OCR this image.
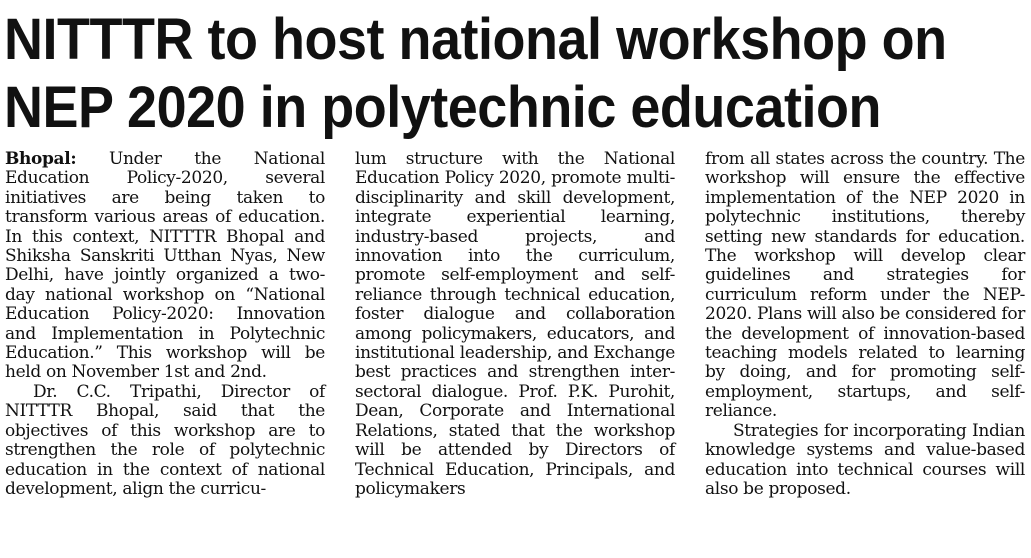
NITTTR to host national workshop on
NEP 2020 in polytechnic education

Bhopal: Under the National Education Policy-2020, several initiatives are being taken to transform various areas of education. In this context, NITTTR Bhopal and Shiksha Sanskriti Utthan Nyas, New Delhi, have jointly organized a two-day national workshop on “National Education Policy-2020: Innovation and Implementation in Polytechnic Education.” This workshop will be held on November 1st and 2nd.

Dr. C.C. Tripathi, Director of NITTTR Bhopal, said that the objectives of this workshop are to strengthen the role of polytechnic education in the context of national development, align the curricu-

lum structure with the National Education Policy 2020, promote multi-disciplinarity and skill development, integrate experiential learning, industry-based projects, and innovation into the curriculum, promote self-employment and self-reliance through technical education, foster dialogue and collaboration among policymakers, educators, and institutional leadership, and Exchange best practices and strengthen inter-sectoral dialogue. Prof. P.K. Purohit, Dean, Corporate and International Relations, stated that the workshop will be attended by Directors of Technical Education, Principals, and policymakers

from all states across the country. The workshop will ensure the effective implementation of the NEP 2020 in polytechnic institutions, thereby setting new standards for education. The workshop will develop clear guidelines and strategies for curriculum reform under the NEP-2020. Plans will also be considered for the development of innovation-based teaching models related to learning by doing, and for promoting self-employment, startups, and self-reliance.

Strategies for incorporating Indian knowledge systems and value-based education into technical courses will also be proposed.
